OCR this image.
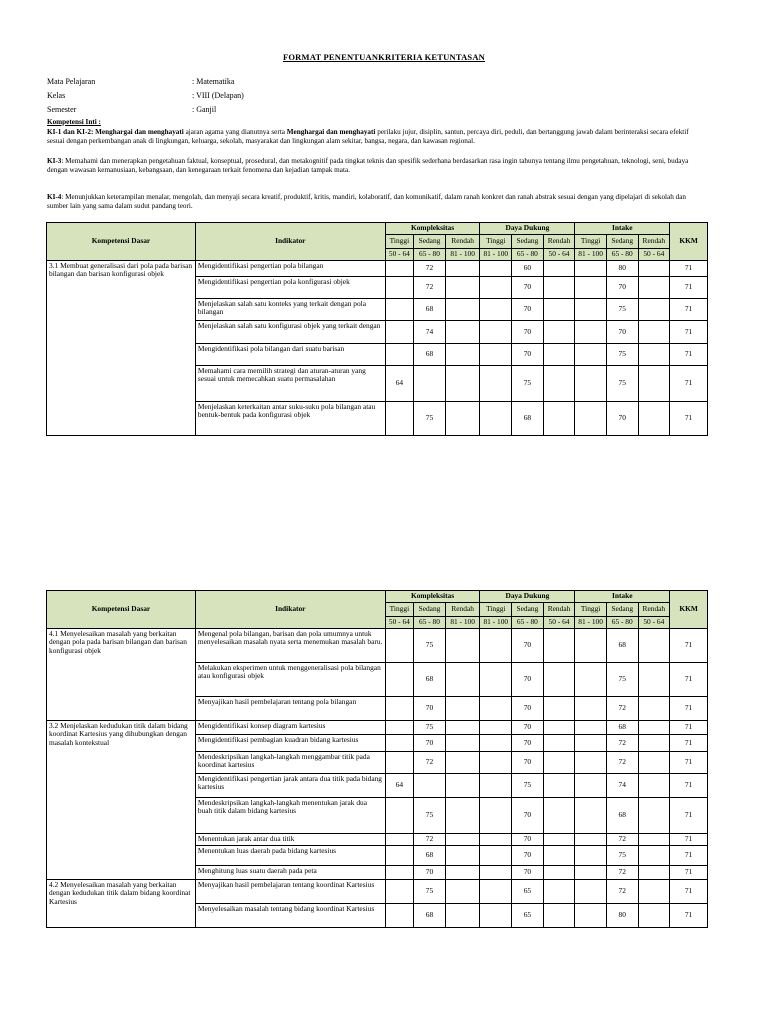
FORMAT PENENTUANKRITERIA KETUNTASAN
Mata Pelajaran	: Matematika
Kelas	: VIII (Delapan)
Semester	: Ganjil
Kompetensi Inti :
KI-1 dan KI-2: Menghargai dan menghayati ajaran agama yang dianutnya serta Menghargai dan menghayati perilaku jujur, disiplin, santun, percaya diri, peduli, dan bertanggung jawab dalam berinteraksi secara efektif sesuai dengan perkembangan anak di lingkungan, keluarga, sekolah, masyarakat dan lingkungan alam sekitar, bangsa, negara, dan kawasan regional.
KI-3: Memahami dan menerapkan pengetahuan faktual, konseptual, prosedural, dan metakognitif pada tingkat teknis dan spesifik sederhana berdasarkan rasa ingin tahunya tentang ilmu pengetahuan, teknologi, seni, budaya dengan wawasan kemanusiaan, kebangsaan, dan kenegaraan terkait fenomena dan kejadian tampak mata.
KI-4: Menunjukkan keterampilan menalar, mengolah, dan menyaji secara kreatif, produktif, kritis, mandiri, kolaboratif, dan komunikatif, dalam ranah konkret dan ranah abstrak sesuai dengan yang dipelajari di sekolah dan sumber lain yang sama dalam sudut pandang teori.
Kompetensi Dasar	Indikator	Kompleksitas			Daya Dukung			Intake			KKM
		Tinggi	Sedang	Rendah	Tinggi	Sedang	Rendah	Tinggi	Sedang	Rendah	
		50 - 64	65 - 80	81 - 100	81 - 100	65 - 80	50 - 64	81 - 100	65 - 80	50 - 64	
3.1 Membuat generalisasi dari pola pada barisan bilangan dan barisan konfigurasi objek	Mengidentifikasi pengertian pola bilangan		72			60			80		71
	Mengidentifikasi pengertian pola konfigurasi objek		72			70			70		71
	Menjelaskan salah satu konteks yang terkait dengan pola bilangan		68			70			75		71
	Menjelaskan salah satu konfigurasi objek yang terkait dengan		74			70			70		71
	Mengidentifikasi pola bilangan dari suatu barisan		68			70			75		71
	Memahami cara memilih strategi dan aturan-aturan yang sesuai untuk memecahkan suatu permasalahan	64				75			75		71
	Menjelaskan keterkaitan antar suku-suku pola bilangan atau bentuk-bentuk pada konfigurasi objek		75			68			70		71
Kompetensi Dasar	Indikator	Kompleksitas			Daya Dukung			Intake			KKM
		Tinggi	Sedang	Rendah	Tinggi	Sedang	Rendah	Tinggi	Sedang	Rendah	
		50 - 64	65 - 80	81 - 100	81 - 100	65 - 80	50 - 64	81 - 100	65 - 80	50 - 64	
4.1 Menyelesaikan masalah yang berkaitan dengan pola pada barisan bilangan dan barisan konfigurasi objek	Mengenal pola bilangan, barisan dan pola umumnya untuk menyelesaikan masalah nyata serta menemukan masalah baru.		75			70			68		71
	Melakukan eksperimen untuk menggeneralisasi pola bilangan atau konfigurasi objek		68			70			75		71
	Menyajikan hasil pembelajaran tentang pola bilangan		70			70			72		71
3.2 Menjelaskan kedudukan titik dalam bidang koordinat Kartesius yang dihubungkan dengan masalah kontekstual	Mengidentifikasi konsep diagram kartesius		75			70			68		71
	Mengidentifikasi pembagian kuadran bidang kartesius		70			70			72		71
	Mendeskripsikan langkah-langkah menggambar titik pada koordinat kartesius		72			70			72		71
	Mengidentifikasi pengertian jarak antara dua titik pada bidang kartesius	64				75			74		71
	Mendeskripsikan langkah-langkah menentukan jarak dua buah titik dalam bidang kartesius		75			70			68		71
	Menentukan jarak antar dua titik		72			70			72		71
	Menentukan luas daerah pada bidang kartesius		68			70			75		71
	Menghitung luas suatu daerah pada peta		70			70			72		71
4.2 Menyelesaikan masalah yang berkaitan dengan kedudukan titik dalam bidang koordinat Kartesius	Menyajikan hasil pembelajaran tentang koordinat Kartesius		75			65			72		71
	Menyelesaikan masalah tentang bidang koordinat Kartesius		68			65			80		71
